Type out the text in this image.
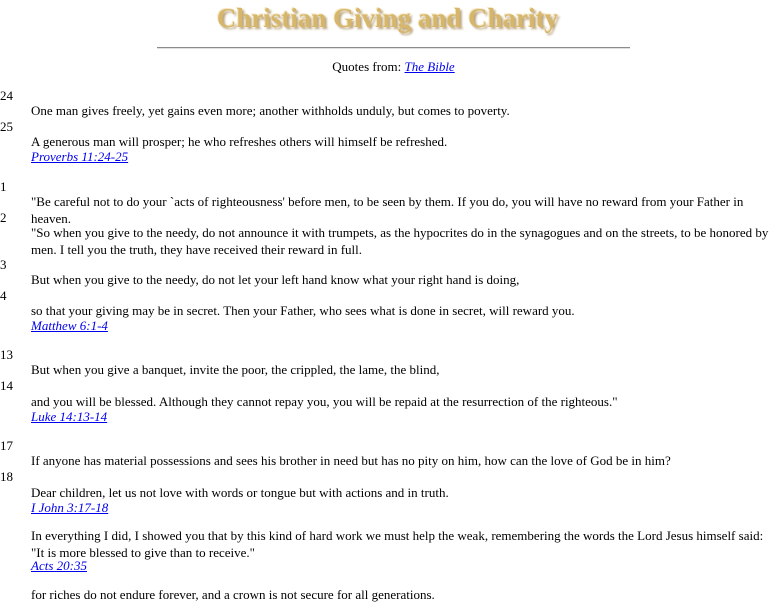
Christian Giving and Charity
Quotes from: The Bible
24
One man gives freely, yet gains even more; another withholds unduly, but comes to poverty.
25
A generous man will prosper; he who refreshes others will himself be refreshed.
Proverbs 11:24-25
1
"Be careful not to do your `acts of righteousness' before men, to be seen by them. If you do, you will have no reward from your Father in heaven.
2
"So when you give to the needy, do not announce it with trumpets, as the hypocrites do in the synagogues and on the streets, to be honored by men. I tell you the truth, they have received their reward in full.
3
But when you give to the needy, do not let your left hand know what your right hand is doing,
4
so that your giving may be in secret. Then your Father, who sees what is done in secret, will reward you.
Matthew 6:1-4
13
But when you give a banquet, invite the poor, the crippled, the lame, the blind,
14
and you will be blessed. Although they cannot repay you, you will be repaid at the resurrection of the righteous."
Luke 14:13-14
17
If anyone has material possessions and sees his brother in need but has no pity on him, how can the love of God be in him?
18
Dear children, let us not love with words or tongue but with actions and in truth.
I John 3:17-18
In everything I did, I showed you that by this kind of hard work we must help the weak, remembering the words the Lord Jesus himself said: "It is more blessed to give than to receive."
Acts 20:35
for riches do not endure forever, and a crown is not secure for all generations.
